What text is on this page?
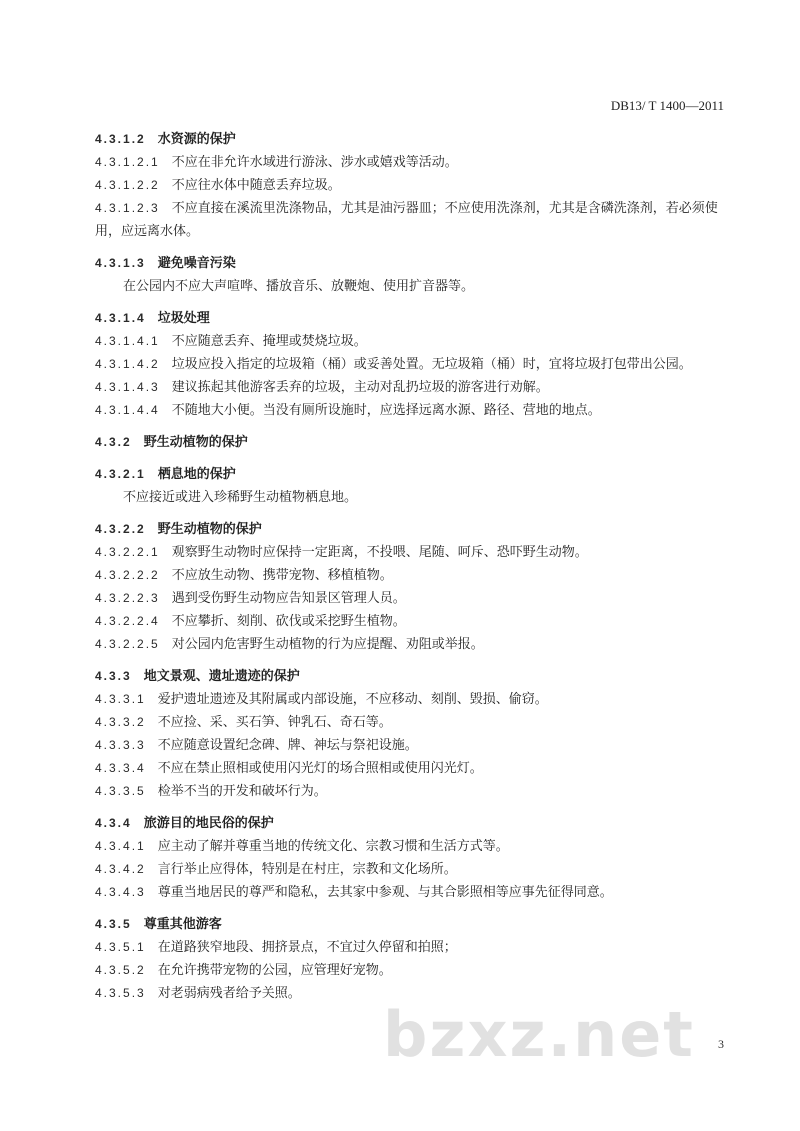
DB13/ T 1400—2011
4.3.1.2 水资源的保护
4.3.1.2.1 不应在非允许水域进行游泳、涉水或嬉戏等活动。
4.3.1.2.2 不应往水体中随意丢弃垃圾。
4.3.1.2.3 不应直接在溪流里洗涤物品，尤其是油污器皿；不应使用洗涤剂，尤其是含磷洗涤剂，若必须使用，应远离水体。
4.3.1.3 避免噪音污染
在公园内不应大声喧哗、播放音乐、放鞭炮、使用扩音器等。
4.3.1.4 垃圾处理
4.3.1.4.1 不应随意丢弃、掩埋或焚烧垃圾。
4.3.1.4.2 垃圾应投入指定的垃圾箱（桶）或妥善处置。无垃圾箱（桶）时，宜将垃圾打包带出公园。
4.3.1.4.3 建议拣起其他游客丢弃的垃圾，主动对乱扔垃圾的游客进行劝解。
4.3.1.4.4 不随地大小便。当没有厕所设施时，应选择远离水源、路径、营地的地点。
4.3.2 野生动植物的保护
4.3.2.1 栖息地的保护
不应接近或进入珍稀野生动植物栖息地。
4.3.2.2 野生动植物的保护
4.3.2.2.1 观察野生动物时应保持一定距离，不投喂、尾随、呵斥、恐吓野生动物。
4.3.2.2.2 不应放生动物、携带宠物、移植植物。
4.3.2.2.3 遇到受伤野生动物应告知景区管理人员。
4.3.2.2.4 不应攀折、刻削、砍伐或采挖野生植物。
4.3.2.2.5 对公园内危害野生动植物的行为应提醒、劝阻或举报。
4.3.3 地文景观、遗址遗迹的保护
4.3.3.1 爱护遗址遗迹及其附属或内部设施，不应移动、刻削、毁损、偷窃。
4.3.3.2 不应捡、采、买石笋、钟乳石、奇石等。
4.3.3.3 不应随意设置纪念碑、牌、神坛与祭祀设施。
4.3.3.4 不应在禁止照相或使用闪光灯的场合照相或使用闪光灯。
4.3.3.5 检举不当的开发和破坏行为。
4.3.4 旅游目的地民俗的保护
4.3.4.1 应主动了解并尊重当地的传统文化、宗教习惯和生活方式等。
4.3.4.2 言行举止应得体，特别是在村庄，宗教和文化场所。
4.3.4.3 尊重当地居民的尊严和隐私，去其家中参观、与其合影照相等应事先征得同意。
4.3.5 尊重其他游客
4.3.5.1 在道路狭窄地段、拥挤景点，不宜过久停留和拍照；
4.3.5.2 在允许携带宠物的公园，应管理好宠物。
4.3.5.3 对老弱病残者给予关照。
bzxz.net 3
